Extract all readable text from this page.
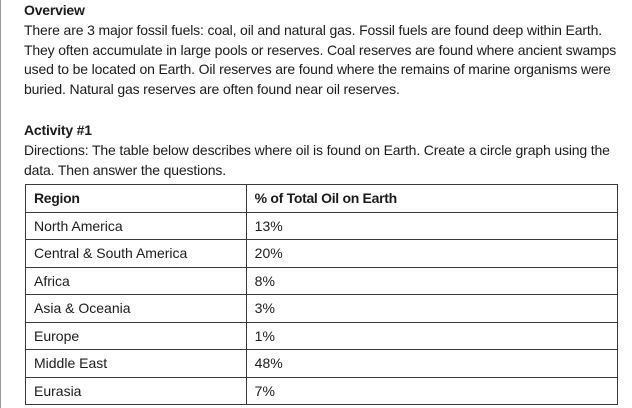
Overview

There are 3 major fossil fuels: coal, oil and natural gas. Fossil fuels are found deep within Earth. They often accumulate in large pools or reserves. Coal reserves are found where ancient swamps used to be located on Earth. Oil reserves are found where the remains of marine organisms were buried. Natural gas reserves are often found near oil reserves.

Activity #1

Directions: The table below describes where oil is found on Earth. Create a circle graph using the data. Then answer the questions.

Region	% of Total Oil on Earth
North America	13%
Central & South America	20%
Africa	8%
Asia & Oceania	3%
Europe	1%
Middle East	48%
Eurasia	7%
